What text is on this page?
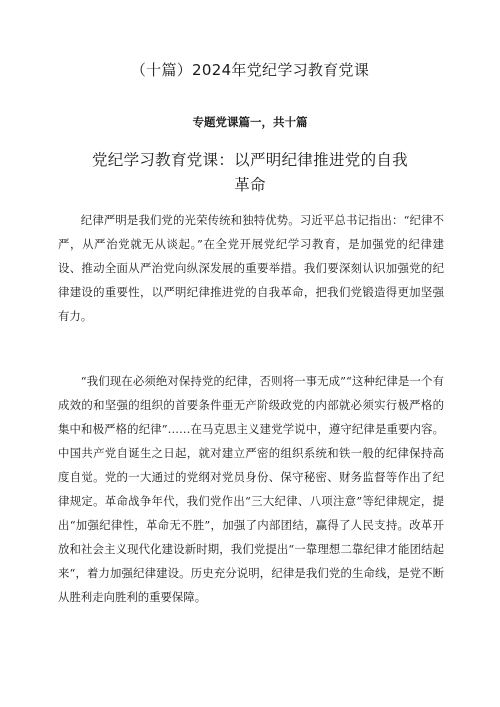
（十篇）2024年党纪学习教育党课
专题党课篇一，共十篇
党纪学习教育党课：以严明纪律推进党的自我革命

纪律严明是我们党的光荣传统和独特优势。习近平总书记指出：“纪律不严，从严治党就无从谈起。”在全党开展党纪学习教育，是加强党的纪律建设、推动全面从严治党向纵深发展的重要举措。我们要深刻认识加强党的纪律建设的重要性，以严明纪律推进党的自我革命，把我们党锻造得更加坚强有力。

“我们现在必须绝对保持党的纪律，否则将一事无成”“这种纪律是一个有成效的和坚强的组织的首要条件亜无产阶级政党的内部就必须实行极严格的集中和极严格的纪律”……在马克思主义建党学说中，遵守纪律是重要内容。中国共产党自诞生之日起，就对建立严密的组织系统和铁一般的纪律保持高度自觉。党的一大通过的党纲对党员身份、保守秘密、财务监督等作出了纪律规定。革命战争年代，我们党作出“三大纪律、八项注意”等纪律规定，提出“加强纪律性，革命无不胜”，加强了内部团结，赢得了人民支持。改革开放和社会主义现代化建设新时期，我们党提出“一靠理想二靠纪律才能团结起来“，着力加强纪律建设。历史充分说明，纪律是我们党的生命线，是党不断从胜利走向胜利的重要保障。
